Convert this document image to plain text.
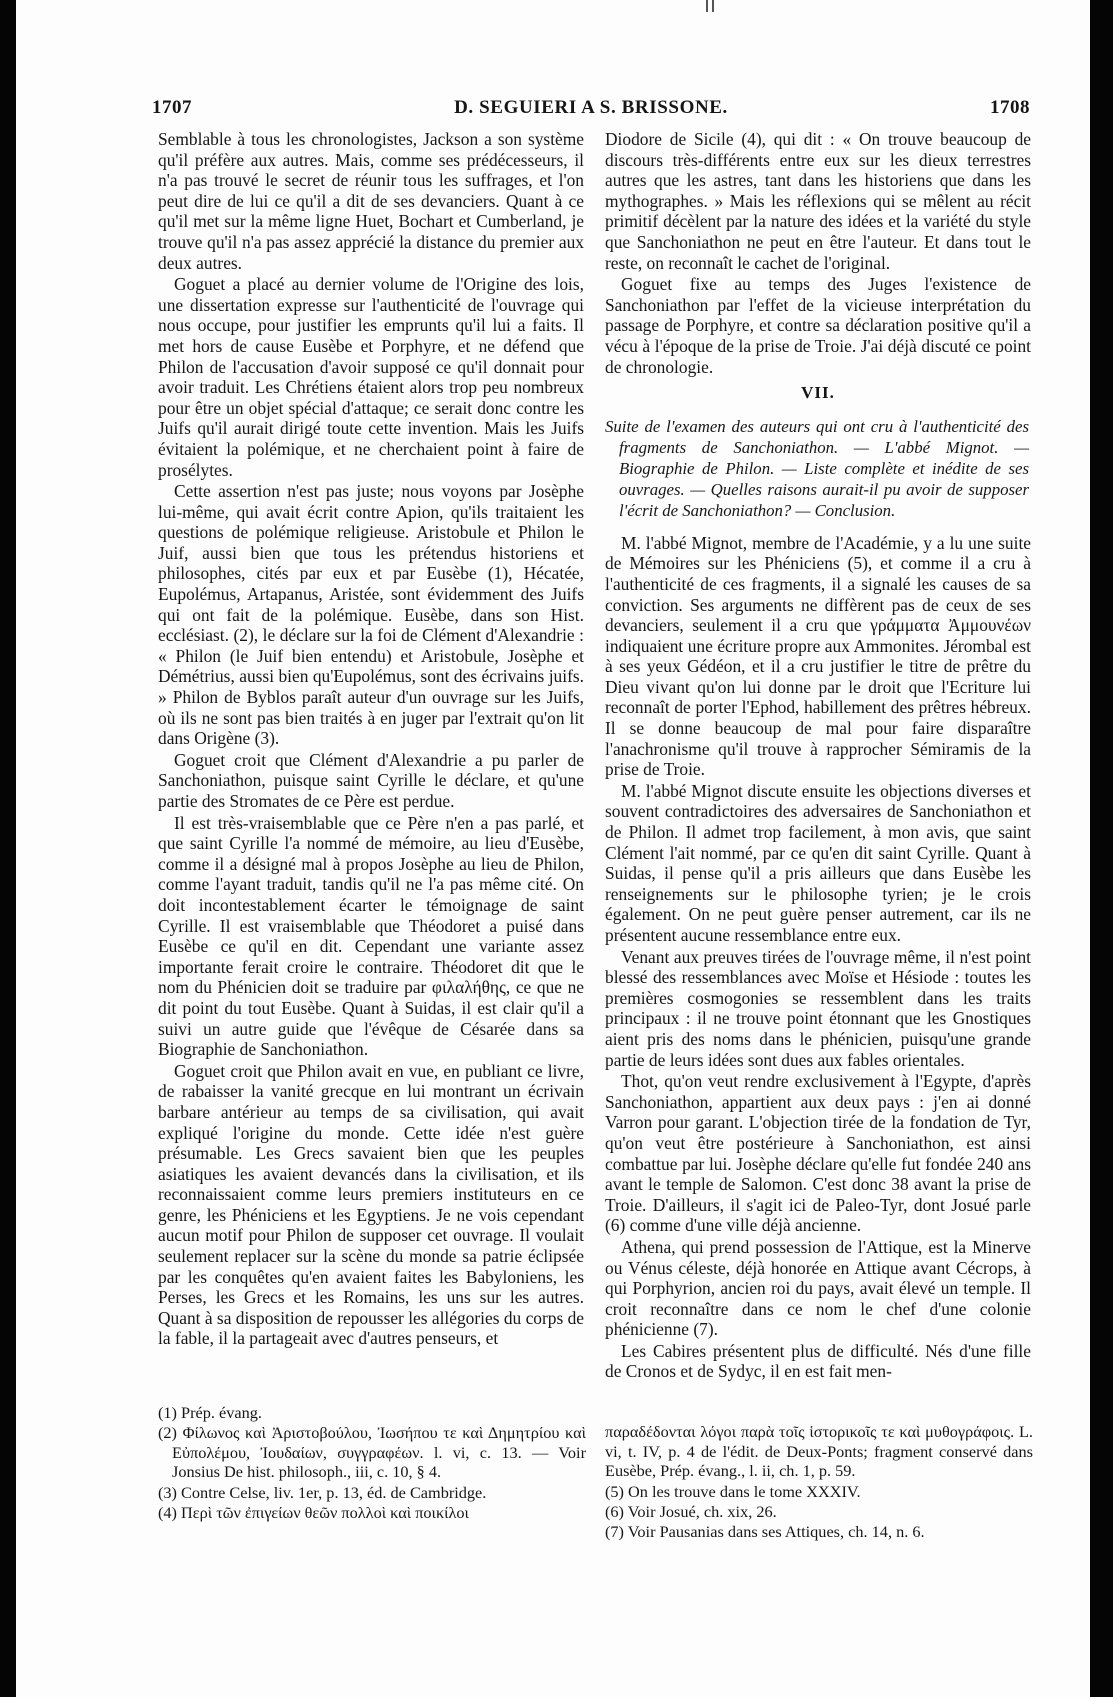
1707	D. SEGUIERI A S. BRISSONE.	1708

Semblable à tous les chronologistes, Jackson a son système qu'il préfère aux autres. Mais, comme ses prédécesseurs, il n'a pas trouvé le secret de réunir tous les suffrages, et l'on peut dire de lui ce qu'il a dit de ses devanciers. Quant à ce qu'il met sur la même ligne Huet, Bochart et Cumberland, je trouve qu'il n'a pas assez apprécié la distance du premier aux deux autres.

Goguet a placé au dernier volume de l'Origine des lois, une dissertation expresse sur l'authenticité de l'ouvrage qui nous occupe, pour justifier les emprunts qu'il lui a faits. Il met hors de cause Eusèbe et Porphyre, et ne défend que Philon de l'accusation d'avoir supposé ce qu'il donnait pour avoir traduit. Les Chrétiens étaient alors trop peu nombreux pour être un objet spécial d'attaque; ce serait donc contre les Juifs qu'il aurait dirigé toute cette invention. Mais les Juifs évitaient la polémique, et ne cherchaient point à faire de prosélytes.

Cette assertion n'est pas juste; nous voyons par Josèphe lui-même, qui avait écrit contre Apion, qu'ils traitaient les questions de polémique religieuse. Aristobule et Philon le Juif, aussi bien que tous les prétendus historiens et philosophes, cités par eux et par Eusèbe (1), Hécatée, Eupolémus, Artapanus, Aristée, sont évidemment des Juifs qui ont fait de la polémique. Eusèbe, dans son Hist. ecclésiast. (2), le déclare sur la foi de Clément d'Alexandrie : « Philon (le Juif bien entendu) et Aristobule, Josèphe et Démétrius, aussi bien qu'Eupolémus, sont des écrivains juifs. » Philon de Byblos paraît auteur d'un ouvrage sur les Juifs, où ils ne sont pas bien traités à en juger par l'extrait qu'on lit dans Origène (3).

Goguet croit que Clément d'Alexandrie a pu parler de Sanchoniathon, puisque saint Cyrille le déclare, et qu'une partie des Stromates de ce Père est perdue.

Il est très-vraisemblable que ce Père n'en a pas parlé, et que saint Cyrille l'a nommé de mémoire, au lieu d'Eusèbe, comme il a désigné mal à propos Josèphe au lieu de Philon, comme l'ayant traduit, tandis qu'il ne l'a pas même cité. On doit incontestablement écarter le témoignage de saint Cyrille. Il est vraisemblable que Théodoret a puisé dans Eusèbe ce qu'il en dit. Cependant une variante assez importante ferait croire le contraire. Théodoret dit que le nom du Phénicien doit se traduire par φιλαλήθης, ce que ne dit point du tout Eusèbe. Quant à Suidas, il est clair qu'il a suivi un autre guide que l'évêque de Césarée dans sa Biographie de Sanchoniathon.

Goguet croit que Philon avait en vue, en publiant ce livre, de rabaisser la vanité grecque en lui montrant un écrivain barbare antérieur au temps de sa civilisation, qui avait expliqué l'origine du monde. Cette idée n'est guère présumable. Les Grecs savaient bien que les peuples asiatiques les avaient devancés dans la civilisation, et ils reconnaissaient comme leurs premiers instituteurs en ce genre, les Phéniciens et les Egyptiens. Je ne vois cependant aucun motif pour Philon de supposer cet ouvrage. Il voulait seulement replacer sur la scène du monde sa patrie éclipsée par les conquêtes qu'en avaient faites les Babyloniens, les Perses, les Grecs et les Romains, les uns sur les autres. Quant à sa disposition de repousser les allégories du corps de la fable, il la partageait avec d'autres penseurs, et

(1) Prép. évang.

(2) Φίλωνος καὶ Ἀριστοβούλου, Ἰωσήπου τε καὶ Δημητρίου καὶ Εὐπολέμου, Ἰουδαίων, συγγραφέων. l. vi, c. 13. — Voir Jonsius De hist. philosoph., iii, c. 10, § 4.

(3) Contre Celse, liv. 1er, p. 13, éd. de Cambridge.

(4) Περὶ τῶν ἐπιγείων θεῶν πολλοὶ καὶ ποικίλοι

Diodore de Sicile (4), qui dit : « On trouve beaucoup de discours très-différents entre eux sur les dieux terrestres autres que les astres, tant dans les historiens que dans les mythographes. » Mais les réflexions qui se mêlent au récit primitif décèlent par la nature des idées et la variété du style que Sanchoniathon ne peut en être l'auteur. Et dans tout le reste, on reconnaît le cachet de l'original.

Goguet fixe au temps des Juges l'existence de Sanchoniathon par l'effet de la vicieuse interprétation du passage de Porphyre, et contre sa déclaration positive qu'il a vécu à l'époque de la prise de Troie. J'ai déjà discuté ce point de chronologie.

VII.
Suite de l'examen des auteurs qui ont cru à l'authenticité des fragments de Sanchoniathon. — L'abbé Mignot. — Biographie de Philon. — Liste complète et inédite de ses ouvrages. — Quelles raisons aurait-il pu avoir de supposer l'écrit de Sanchoniathon? — Conclusion.

M. l'abbé Mignot, membre de l'Académie, y a lu une suite de Mémoires sur les Phéniciens (5), et comme il a cru à l'authenticité de ces fragments, il a signalé les causes de sa conviction. Ses arguments ne diffèrent pas de ceux de ses devanciers, seulement il a cru que γράμματα Ἀμμουνέων indiquaient une écriture propre aux Ammonites. Jérombal est à ses yeux Gédéon, et il a cru justifier le titre de prêtre du Dieu vivant qu'on lui donne par le droit que l'Ecriture lui reconnaît de porter l'Ephod, habillement des prêtres hébreux. Il se donne beaucoup de mal pour faire disparaître l'anachronisme qu'il trouve à rapprocher Sémiramis de la prise de Troie.

M. l'abbé Mignot discute ensuite les objections diverses et souvent contradictoires des adversaires de Sanchoniathon et de Philon. Il admet trop facilement, à mon avis, que saint Clément l'ait nommé, par ce qu'en dit saint Cyrille. Quant à Suidas, il pense qu'il a pris ailleurs que dans Eusèbe les renseignements sur le philosophe tyrien; je le crois également. On ne peut guère penser autrement, car ils ne présentent aucune ressemblance entre eux.

Venant aux preuves tirées de l'ouvrage même, il n'est point blessé des ressemblances avec Moïse et Hésiode : toutes les premières cosmogonies se ressemblent dans les traits principaux : il ne trouve point étonnant que les Gnostiques aient pris des noms dans le phénicien, puisqu'une grande partie de leurs idées sont dues aux fables orientales.

Thot, qu'on veut rendre exclusivement à l'Egypte, d'après Sanchoniathon, appartient aux deux pays : j'en ai donné Varron pour garant. L'objection tirée de la fondation de Tyr, qu'on veut être postérieure à Sanchoniathon, est ainsi combattue par lui. Josèphe déclare qu'elle fut fondée 240 ans avant le temple de Salomon. C'est donc 38 avant la prise de Troie. D'ailleurs, il s'agit ici de Paleo-Tyr, dont Josué parle (6) comme d'une ville déjà ancienne.

Athena, qui prend possession de l'Attique, est la Minerve ou Vénus céleste, déjà honorée en Attique avant Cécrops, à qui Porphyrion, ancien roi du pays, avait élevé un temple. Il croit reconnaître dans ce nom le chef d'une colonie phénicienne (7).

Les Cabires présentent plus de difficulté. Nés d'une fille de Cronos et de Sydyc, il en est fait men-

παραδέδονται λόγοι παρὰ τοῖς ἱστορικοῖς τε καὶ μυθογράφοις. L. vi, t. IV, p. 4 de l'édit. de Deux-Ponts; fragment conservé dans Eusèbe, Prép. évang., l. ii, ch. 1, p. 59.

(5) On les trouve dans le tome XXXIV.

(6) Voir Josué, ch. xix, 26.

(7) Voir Pausanias dans ses Attiques, ch. 14, n. 6.
